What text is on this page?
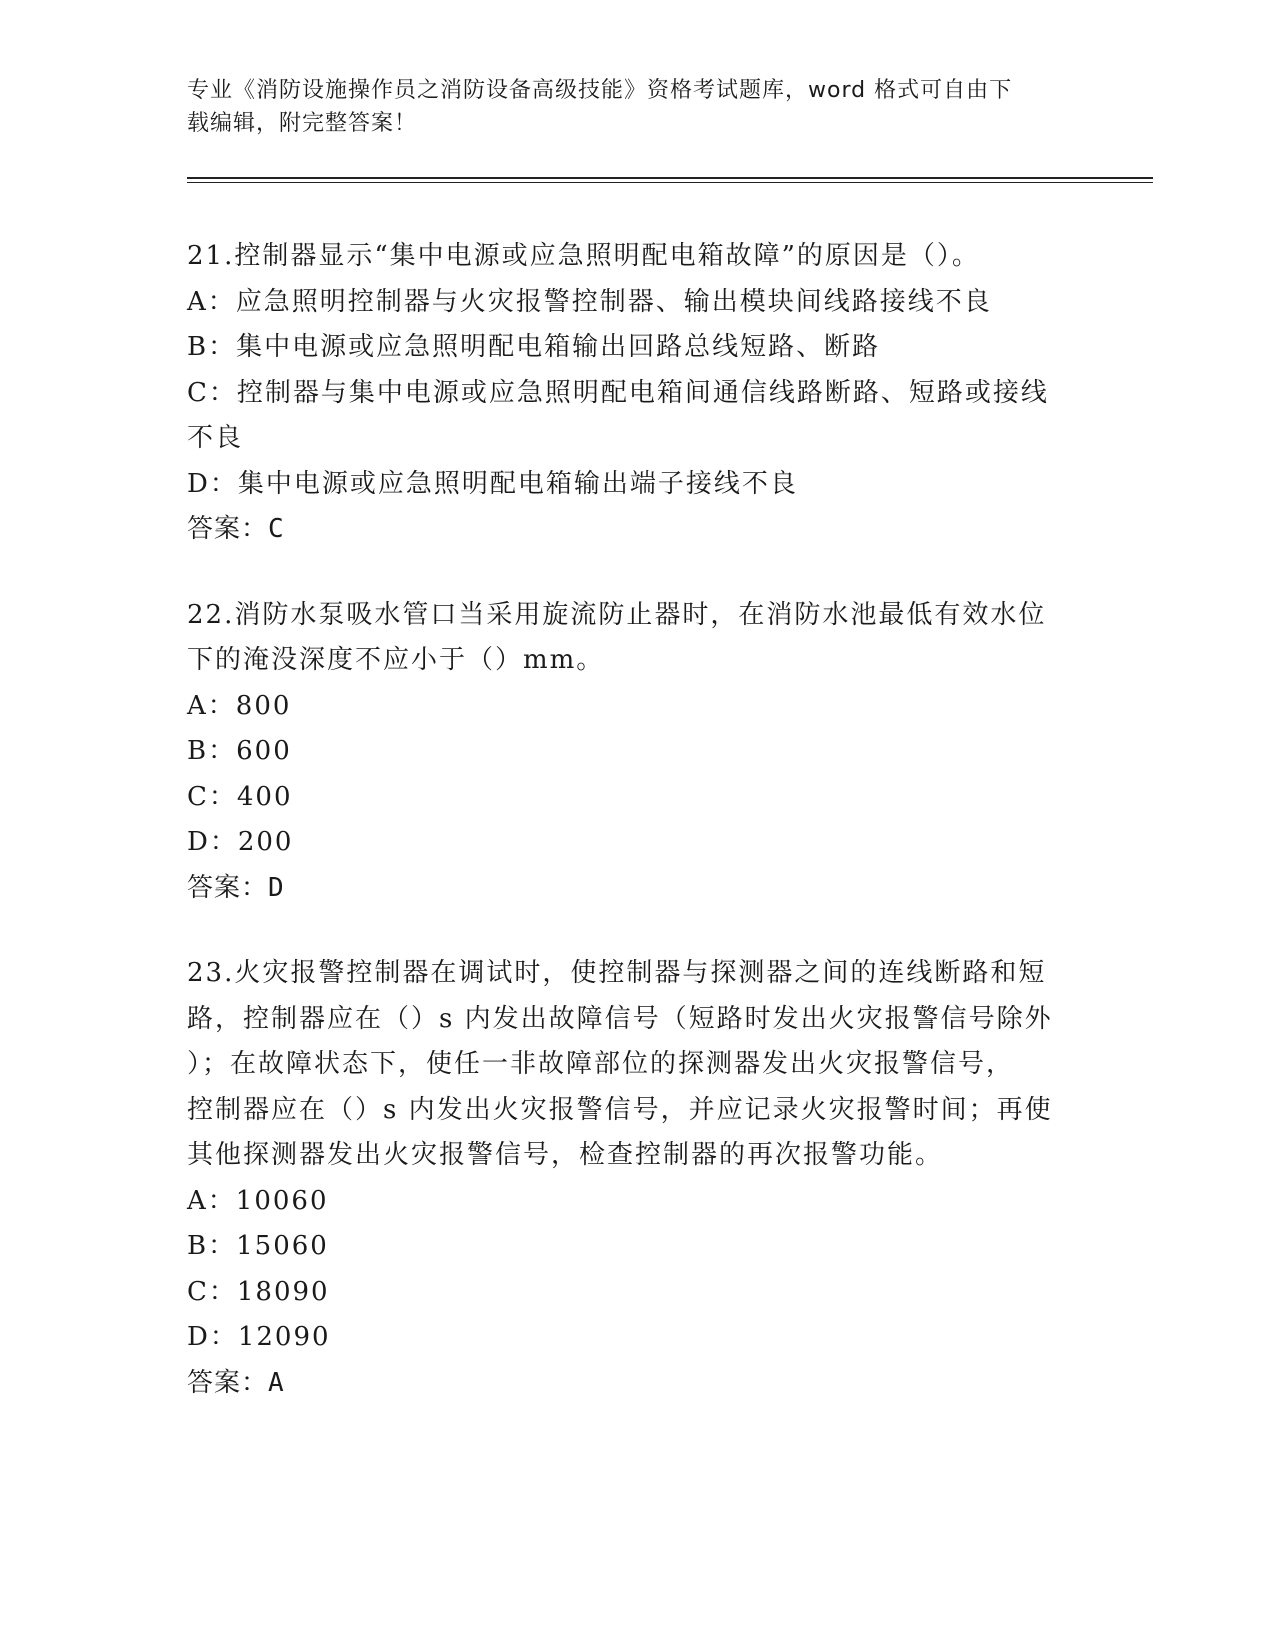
专业《消防设施操作员之消防设备高级技能》资格考试题库，word 格式可自由下
载编辑，附完整答案！
21.控制器显示“集中电源或应急照明配电箱故障”的原因是（）。
A：应急照明控制器与火灾报警控制器、输出模块间线路接线不良
B：集中电源或应急照明配电箱输出回路总线短路、断路
C：控制器与集中电源或应急照明配电箱间通信线路断路、短路或接线
不良
D：集中电源或应急照明配电箱输出端子接线不良
答案：C
22.消防水泵吸水管口当采用旋流防止器时，在消防水池最低有效水位
下的淹没深度不应小于（）mm。
A：800
B：600
C：400
D：200
答案：D
23.火灾报警控制器在调试时，使控制器与探测器之间的连线断路和短
路，控制器应在（）s 内发出故障信号（短路时发出火灾报警信号除外
）；在故障状态下，使任一非故障部位的探测器发出火灾报警信号，
控制器应在（）s 内发出火灾报警信号，并应记录火灾报警时间；再使
其他探测器发出火灾报警信号，检查控制器的再次报警功能。
A：10060
B：15060
C：18090
D：12090
答案：A
